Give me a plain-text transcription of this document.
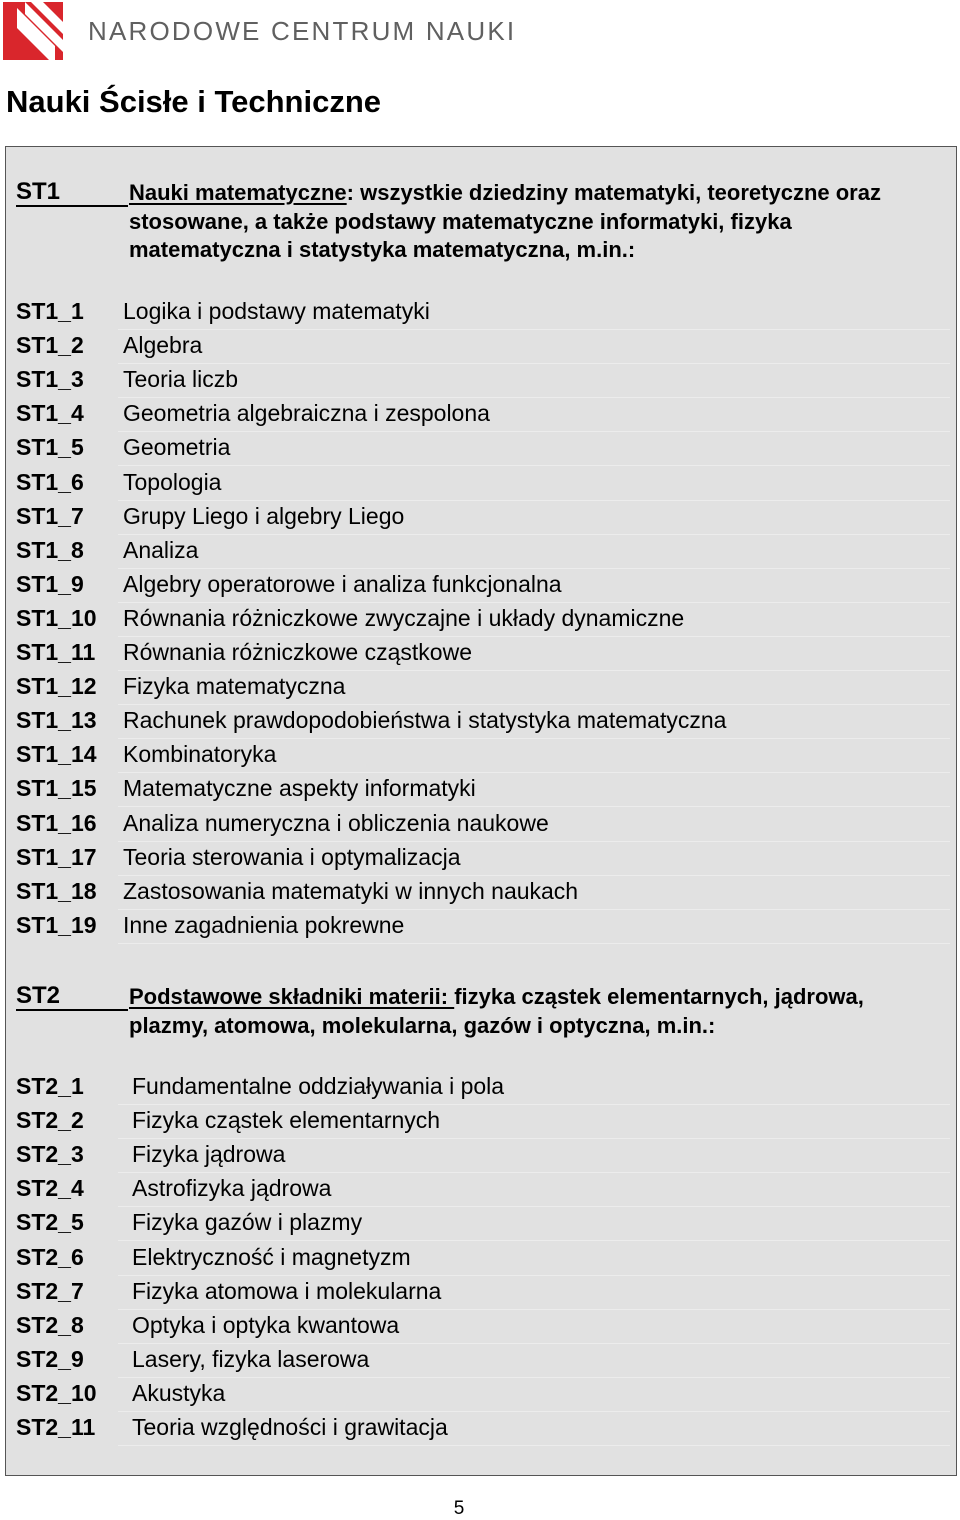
NARODOWE CENTRUM NAUKI
Nauki Ścisłe i Techniczne
ST1	Nauki matematyczne: wszystkie dziedziny matematyki, teoretyczne oraz stosowane, a także podstawy matematyczne informatyki, fizyka matematyczna i statystyka matematyczna, m.in.:
ST1_1 Logika i podstawy matematyki
ST1_2 Algebra
ST1_3 Teoria liczb
ST1_4 Geometria algebraiczna i zespolona
ST1_5 Geometria
ST1_6 Topologia
ST1_7 Grupy Liego i algebry Liego
ST1_8 Analiza
ST1_9 Algebry operatorowe i analiza funkcjonalna
ST1_10 Równania różniczkowe zwyczajne i układy dynamiczne
ST1_11 Równania różniczkowe cząstkowe
ST1_12 Fizyka matematyczna
ST1_13 Rachunek prawdopodobieństwa i statystyka matematyczna
ST1_14 Kombinatoryka
ST1_15 Matematyczne aspekty informatyki
ST1_16 Analiza numeryczna i obliczenia naukowe
ST1_17 Teoria sterowania i optymalizacja
ST1_18 Zastosowania matematyki w innych naukach
ST1_19 Inne zagadnienia pokrewne
ST2	Podstawowe składniki materii: fizyka cząstek elementarnych, jądrowa, plazmy, atomowa, molekularna, gazów i optyczna, m.in.:
ST2_1 Fundamentalne oddziaływania i pola
ST2_2 Fizyka cząstek elementarnych
ST2_3 Fizyka jądrowa
ST2_4 Astrofizyka jądrowa
ST2_5 Fizyka gazów i plazmy
ST2_6 Elektryczność i magnetyzm
ST2_7 Fizyka atomowa i molekularna
ST2_8 Optyka i optyka kwantowa
ST2_9 Lasery, fizyka laserowa
ST2_10 Akustyka
ST2_11 Teoria względności i grawitacja
5
